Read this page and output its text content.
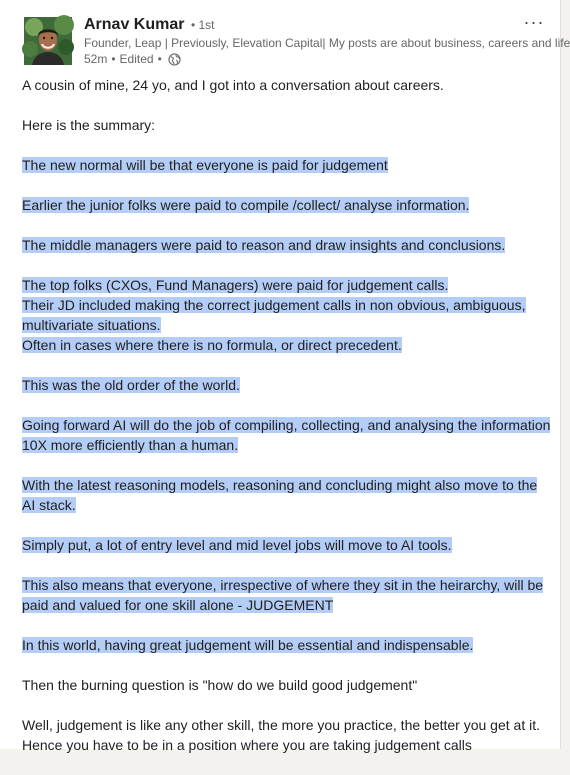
Arnav Kumar • 1st
Founder, Leap | Previously, Elevation Capital| My posts are about business, careers and life
52m • Edited •
···
A cousin of mine, 24 yo, and I got into a conversation about careers.
Here is the summary:
The new normal will be that everyone is paid for judgement
Earlier the junior folks were paid to compile /collect/ analyse information.
The middle managers were paid to reason and draw insights and conclusions.
The top folks (CXOs, Fund Managers) were paid for judgement calls.
Their JD included making the correct judgement calls in non obvious, ambiguous, multivariate situations.
Often in cases where there is no formula, or direct precedent.
This was the old order of the world.
Going forward AI will do the job of compiling, collecting, and analysing the information 10X more efficiently than a human.
With the latest reasoning models, reasoning and concluding might also move to the AI stack.
Simply put, a lot of entry level and mid level jobs will move to AI tools.
This also means that everyone, irrespective of where they sit in the heirarchy, will be paid and valued for one skill alone - JUDGEMENT
In this world, having great judgement will be essential and indispensable.
Then the burning question is "how do we build good judgement"
Well, judgement is like any other skill, the more you practice, the better you get at it. Hence you have to be in a position where you are taking judgement calls
